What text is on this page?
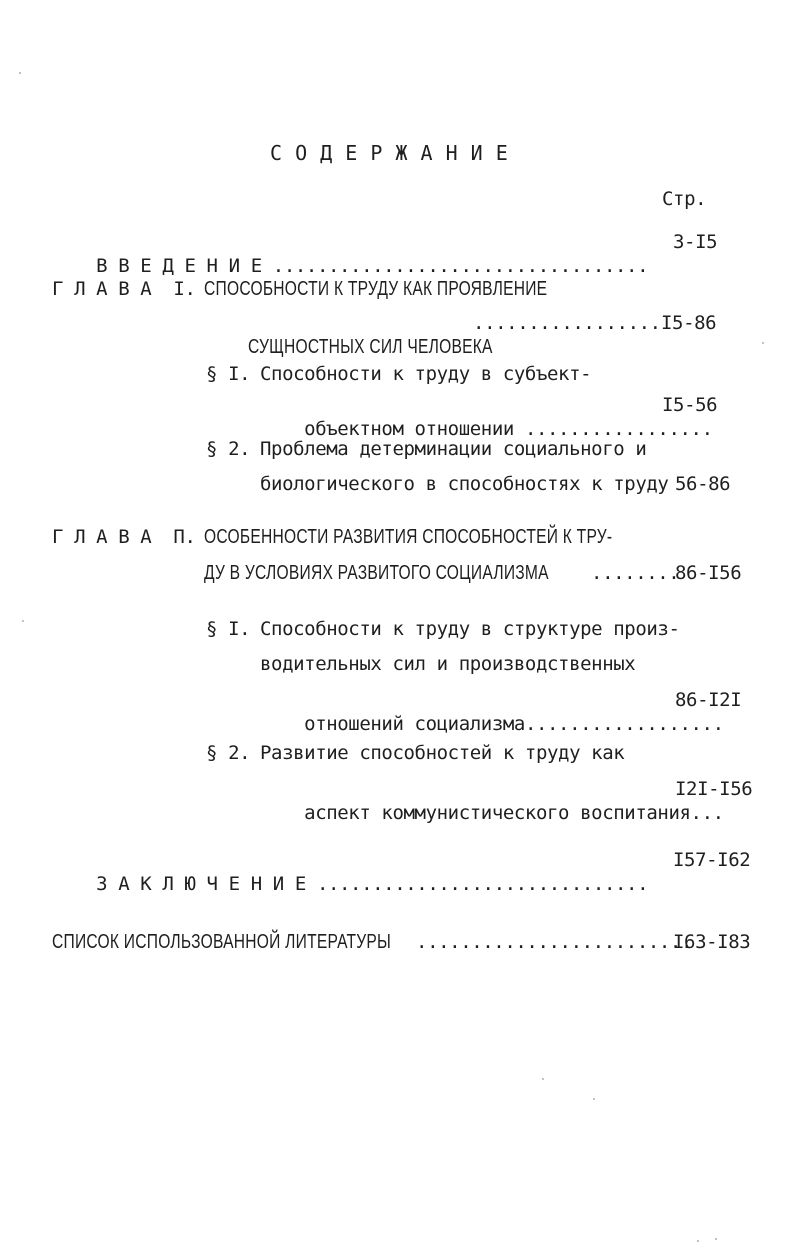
С О Д Е Р Ж А Н И Е
Стр.

В В Е Д Е Н И Е ..................................

3-I5
Г Л А В А  I. СПОСОБНОСТИ К ТРУДУ КАК ПРОЯВЛЕНИЕ

СУЩНОСТНЫХ СИЛ ЧЕЛОВЕКА

................. I5-86
§ I. Способности к труду в субъект-

объектном отношении .................

I5-56
§ 2. Проблема детерминации социального и
биологического в способностях к труду 56-86
Г Л А В А  П. ОСОБЕННОСТИ РАЗВИТИЯ СПОСОБНОСТЕЙ К ТРУ-
ДУ В УСЛОВИЯХ РАЗВИТОГО СОЦИАЛИЗМА ........
86-I56
§ I. Способности к труду в структуре произ-
водительных сил и производственных

отношений социализма..................

86-I2I
§ 2. Развитие способностей к труду как

аспект коммунистического воспитания...

I2I-I56

З А К Л Ю Ч Е Н И Е ..............................

I57-I62
СПИСОК ИСПОЛЬЗОВАННОЙ ЛИТЕРАТУРЫ .........................
I63-I83
